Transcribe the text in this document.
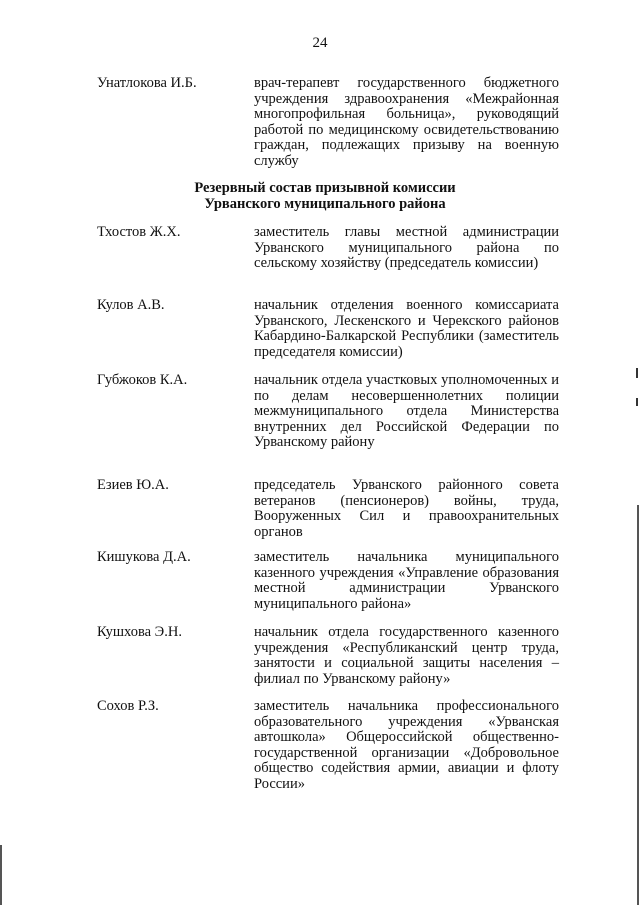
24
Унатлокова И.Б.	врач-терапевт государственного бюджетного учреждения здравоохранения «Межрайонная многопрофильная больница», руководящий работой по медицинскому освидетельствованию граждан, подлежащих призыву на военную службу
Резервный состав призывной комиссии
Урванского муниципального района
Тхостов Ж.Х.	заместитель главы местной администрации Урванского муниципального района по сельскому хозяйству (председатель комиссии)
Кулов А.В.	начальник отделения военного комиссариата Урванского, Лескенского и Черекского районов Кабардино-Балкарской Республики (заместитель председателя комиссии)
Губжоков К.А.	начальник отдела участковых уполномоченных и по делам несовершеннолетних полиции межмуниципального отдела Министерства внутренних дел Российской Федерации по Урванскому району
Езиев Ю.А.	председатель Урванского районного совета ветеранов (пенсионеров) войны, труда, Вооруженных Сил и правоохранительных органов
Кишукова Д.А.	заместитель начальника муниципального казенного учреждения «Управление образования местной администрации Урванского муниципального района»
Кушхова Э.Н.	начальник отдела государственного казенного учреждения «Республиканский центр труда, занятости и социальной защиты населения – филиал по Урванскому району»
Сохов Р.З.	заместитель начальника профессионального образовательного учреждения «Урванская автошкола» Общероссийской общественно-государственной организации «Добровольное общество содействия армии, авиации и флоту России»
